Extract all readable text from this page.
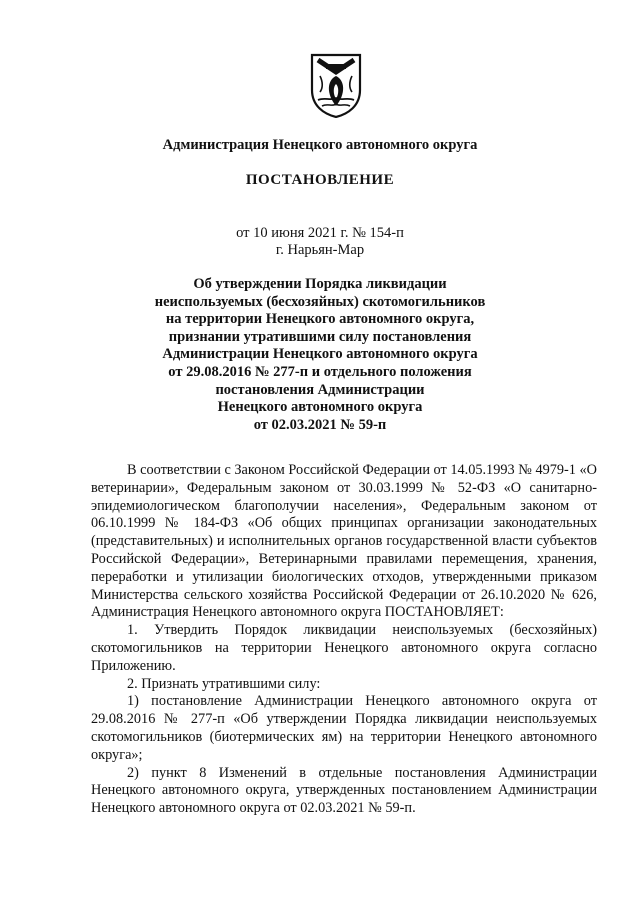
Администрация Ненецкого автономного округа
ПОСТАНОВЛЕНИЕ
от 10 июня 2021 г. № 154-п
г. Нарьян-Мар
Об утверждении Порядка ликвидации
неиспользуемых (бесхозяйных) скотомогильников
на территории Ненецкого автономного округа,
признании утратившими силу постановления
Администрации Ненецкого автономного округа
от 29.08.2016 № 277-п и отдельного положения
постановления Администрации
Ненецкого автономного округа
от 02.03.2021 № 59-п

В соответствии с Законом Российской Федерации от 14.05.1993 № 4979-1 «О ветеринарии», Федеральным законом от 30.03.1999 № 52-ФЗ «О санитарно-эпидемиологическом благополучии населения», Федеральным законом от 06.10.1999 № 184-ФЗ «Об общих принципах организации законодательных (представительных) и исполнительных органов государственной власти субъектов Российской Федерации», Ветеринарными правилами перемещения, хранения, переработки и утилизации биологических отходов, утвержденными приказом Министерства сельского хозяйства Российской Федерации от 26.10.2020 № 626, Администрация Ненецкого автономного округа ПОСТАНОВЛЯЕТ:

1. Утвердить Порядок ликвидации неиспользуемых (бесхозяйных) скотомогильников на территории Ненецкого автономного округа согласно Приложению.

2. Признать утратившими силу:

1) постановление Администрации Ненецкого автономного округа от 29.08.2016 № 277-п «Об утверждении Порядка ликвидации неиспользуемых скотомогильников (биотермических ям) на территории Ненецкого автономного округа»;

2) пункт 8 Изменений в отдельные постановления Администрации Ненецкого автономного округа, утвержденных постановлением Администрации Ненецкого автономного округа от 02.03.2021 № 59-п.
